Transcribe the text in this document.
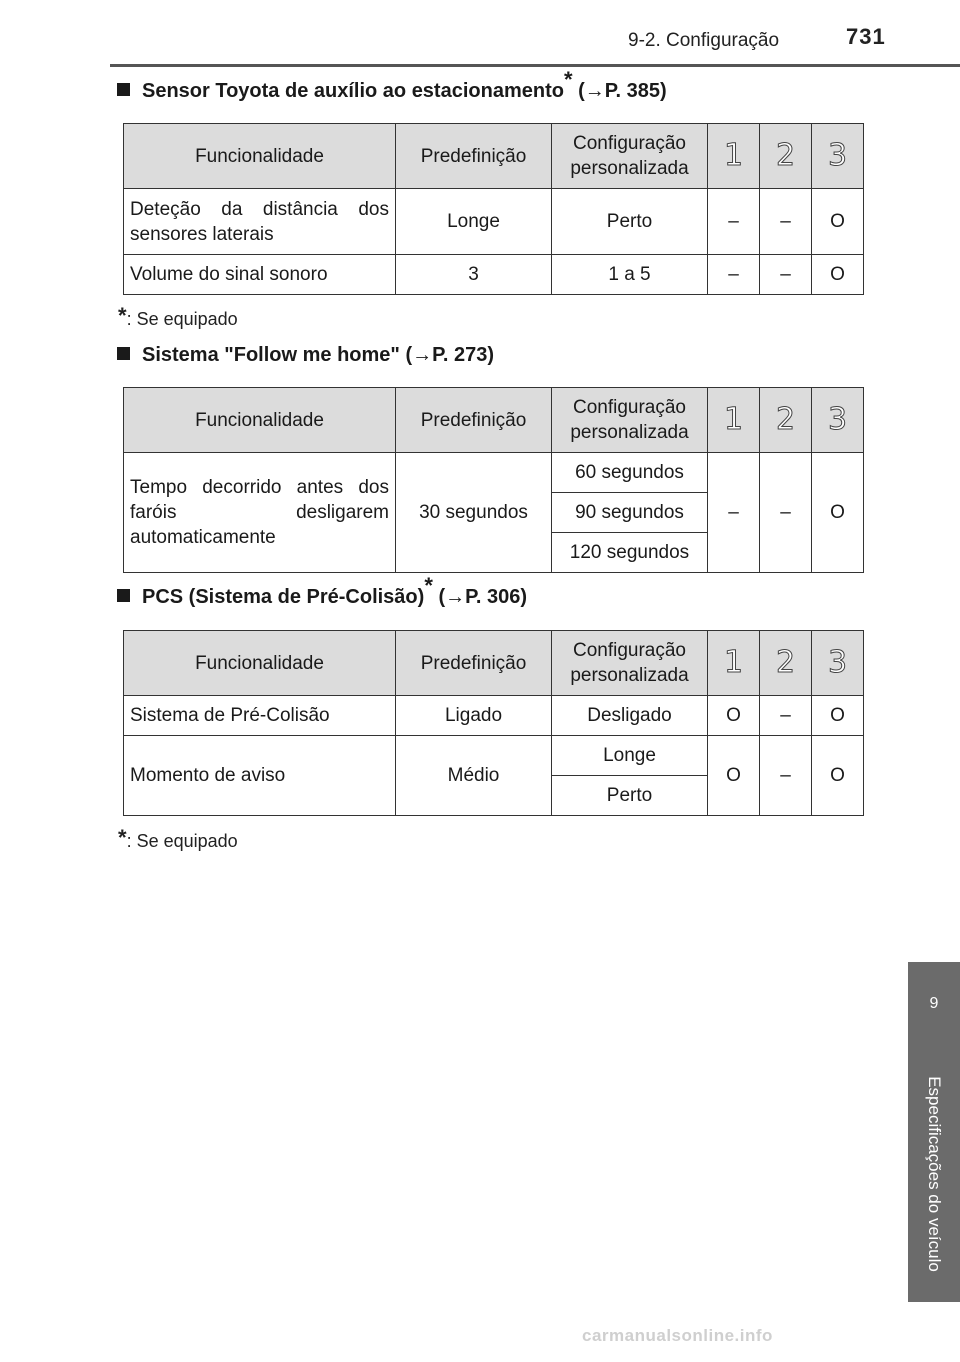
9-2. Configuração	731
9
Especificações do veículo
Sensor Toyota de auxílio ao estacionamento* (→P. 385)
Funcionalidade	Predefinição	Configuração personalizada	1	2	3
Deteção da distância dos sensores laterais	Longe	Perto	–	–	O
Volume do sinal sonoro	3	1 a 5	–	–	O
*: Se equipado
Sistema "Follow me home" (→P. 273)
Funcionalidade	Predefinição	Configuração personalizada	1	2	3
Tempo decorrido antes dos faróis desligarem automaticamente	30 segundos	60 segundos	–	–	O
		90 segundos			
		120 segundos			
PCS (Sistema de Pré-Colisão)* (→P. 306)
Funcionalidade	Predefinição	Configuração personalizada	1	2	3
Sistema de Pré-Colisão	Ligado	Desligado	O	–	O
Momento de aviso	Médio	Longe	O	–	O
		Perto			
*: Se equipado
carmanualsonline.info
